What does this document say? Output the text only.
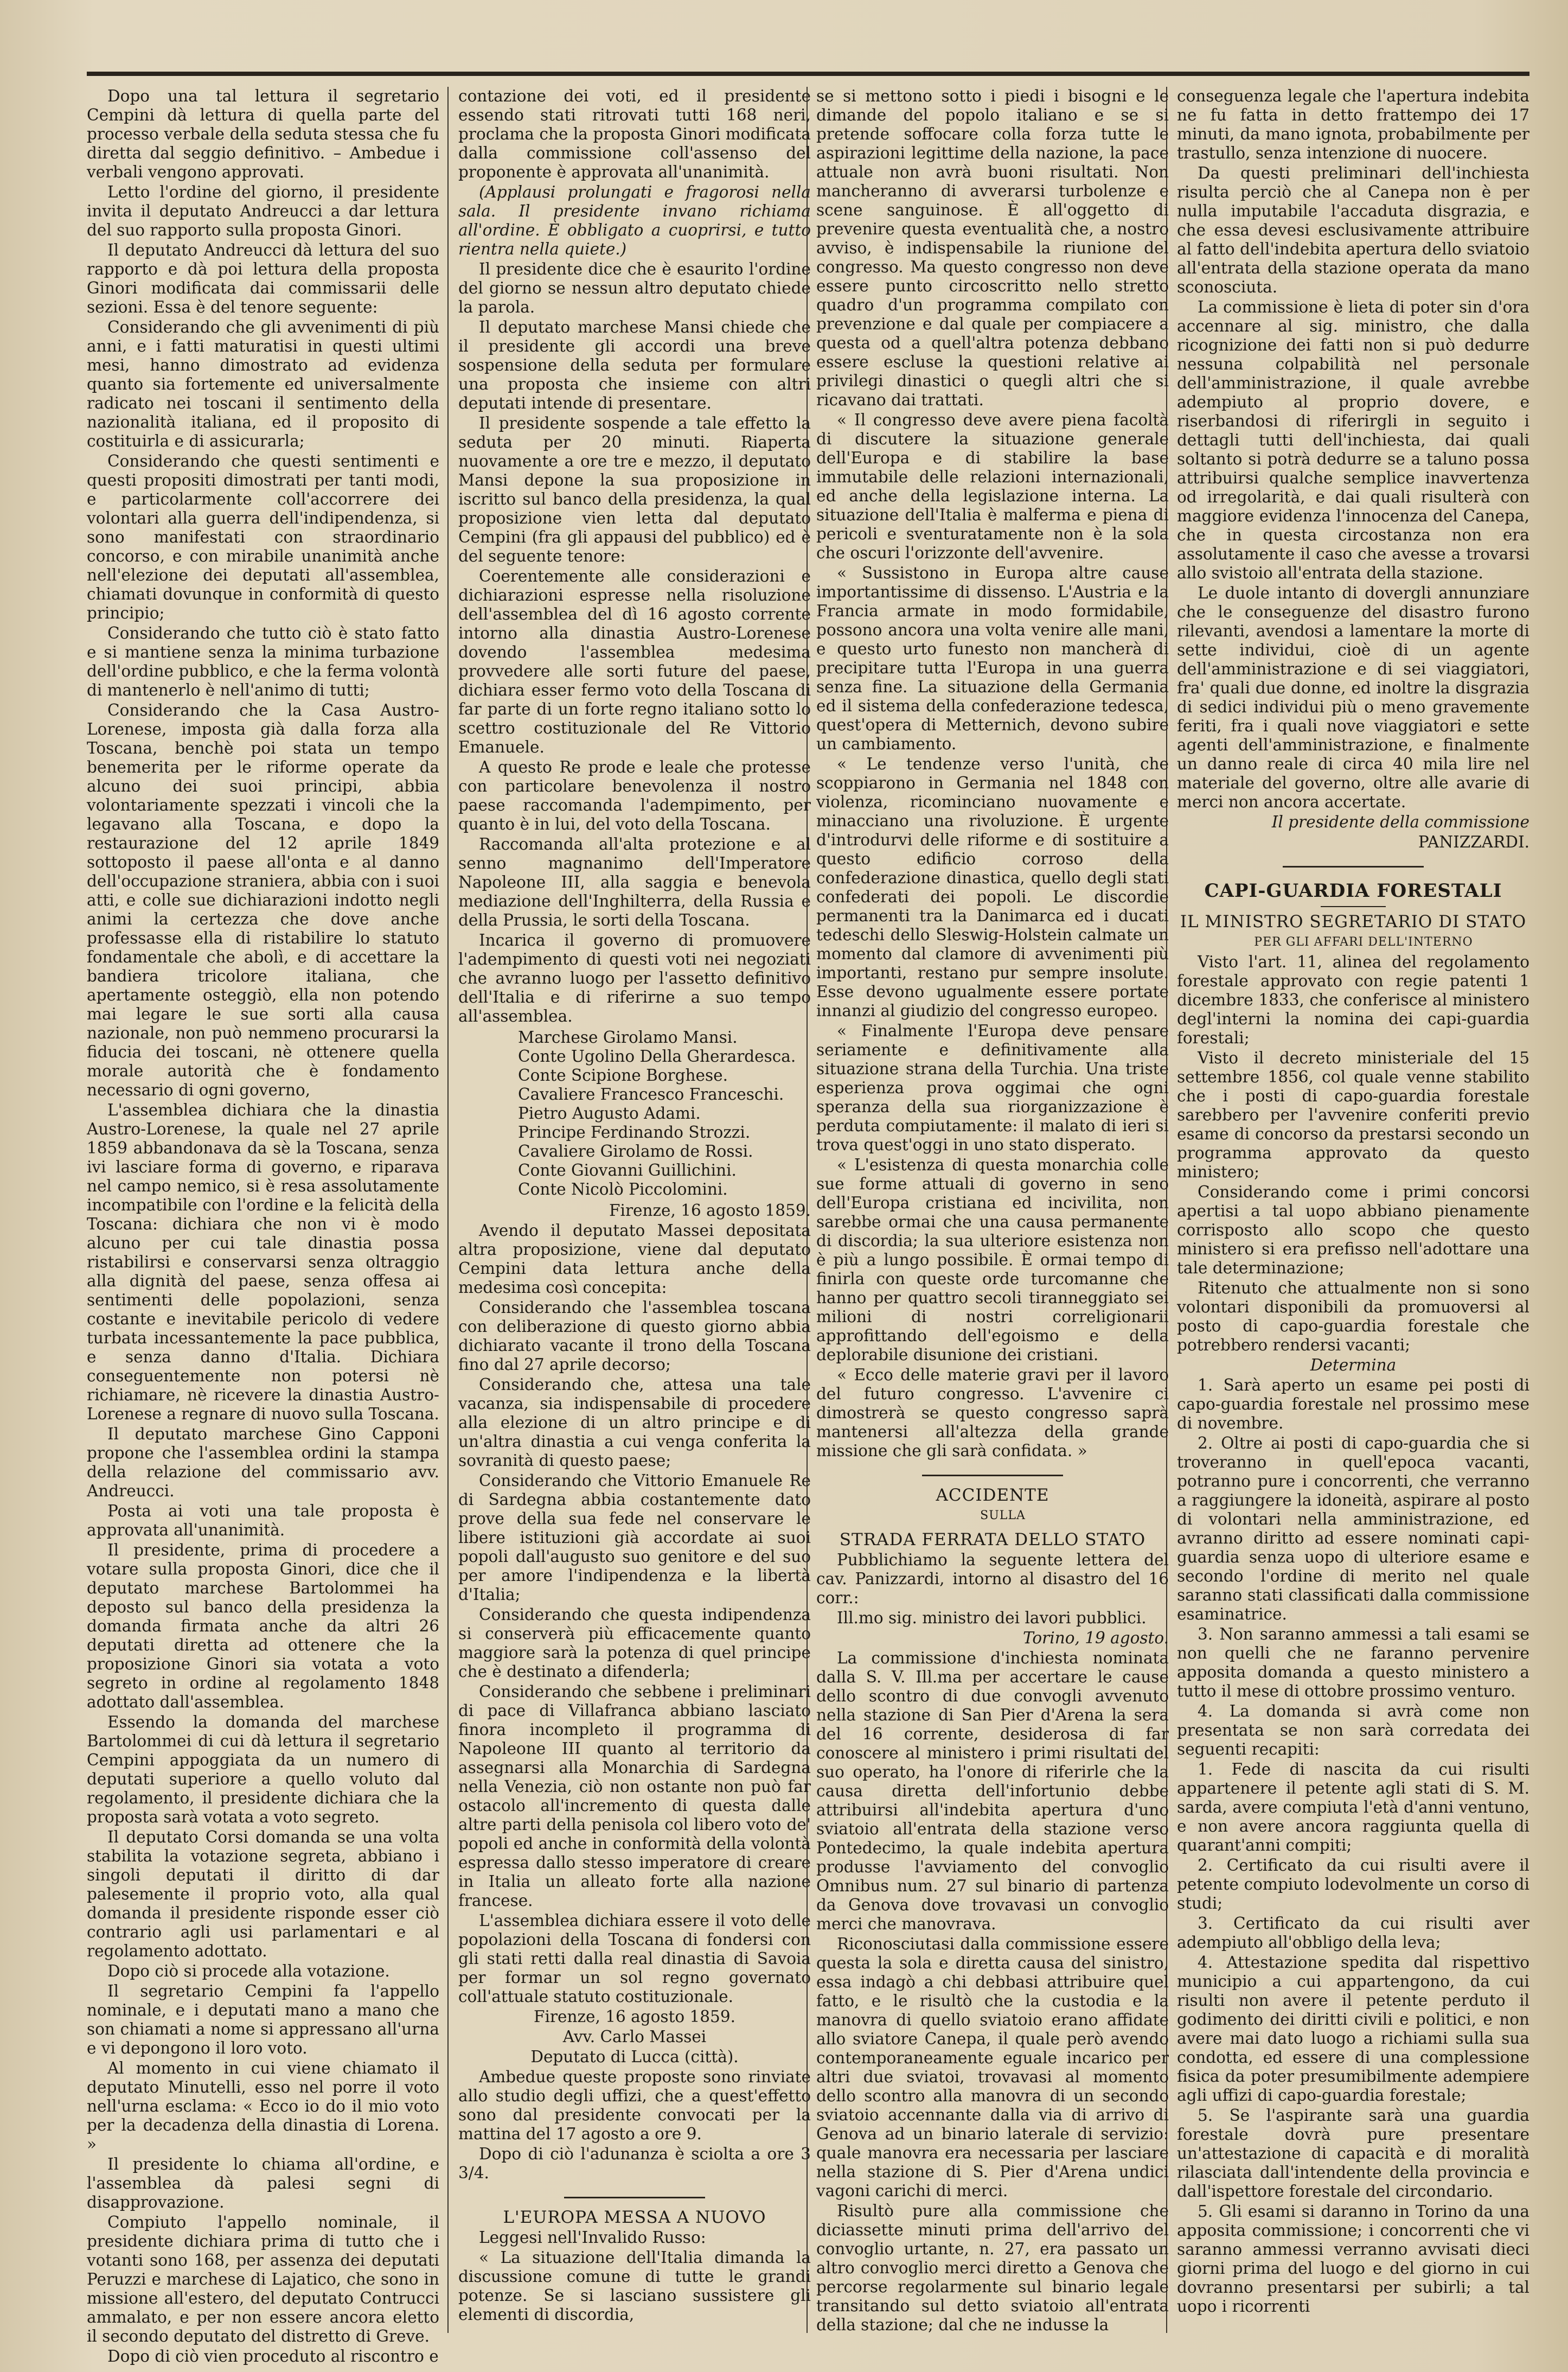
Dopo una tal lettura il segretario Cempini dà lettura di quella parte del processo verbale della seduta stessa che fu diretta dal seggio definitivo. – Ambedue i verbali vengono approvati.

Letto l'ordine del giorno, il presidente invita il deputato Andreucci a dar lettura del suo rapporto sulla proposta Ginori.

Il deputato Andreucci dà lettura del suo rapporto e dà poi lettura della proposta Ginori modificata dai commissarii delle sezioni. Essa è del tenore seguente:

Considerando che gli avvenimenti di più anni, e i fatti maturatisi in questi ultimi mesi, hanno dimostrato ad evidenza quanto sia fortemente ed universalmente radicato nei toscani il sentimento della nazionalità italiana, ed il proposito di costituirla e di assicurarla;

Considerando che questi sentimenti e questi propositi dimostrati per tanti modi, e particolarmente coll'accorrere dei volontari alla guerra dell'indipendenza, si sono manifestati con straordinario concorso, e con mirabile unanimità anche nell'elezione dei deputati all'assemblea, chiamati dovunque in conformità di questo principio;

Considerando che tutto ciò è stato fatto e si mantiene senza la minima turbazione dell'ordine pubblico, e che la ferma volontà di mantenerlo è nell'animo di tutti;

Considerando che la Casa Austro-Lorenese, imposta già dalla forza alla Toscana, benchè poi stata un tempo benemerita per le riforme operate da alcuno dei suoi principi, abbia volontariamente spezzati i vincoli che la legavano alla Toscana, e dopo la restaurazione del 12 aprile 1849 sottoposto il paese all'onta e al danno dell'occupazione straniera, abbia con i suoi atti, e colle sue dichiarazioni indotto negli animi la certezza che dove anche professasse ella di ristabilire lo statuto fondamentale che abolì, e di accettare la bandiera tricolore italiana, che apertamente osteggiò, ella non potendo mai legare le sue sorti alla causa nazionale, non può nemmeno procurarsi la fiducia dei toscani, nè ottenere quella morale autorità che è fondamento necessario di ogni governo,

L'assemblea dichiara che la dinastia Austro-Lorenese, la quale nel 27 aprile 1859 abbandonava da sè la Toscana, senza ivi lasciare forma di governo, e riparava nel campo nemico, si è resa assolutamente incompatibile con l'ordine e la felicità della Toscana: dichiara che non vi è modo alcuno per cui tale dinastia possa ristabilirsi e conservarsi senza oltraggio alla dignità del paese, senza offesa ai sentimenti delle popolazioni, senza costante e inevitabile pericolo di vedere turbata incessantemente la pace pubblica, e senza danno d'Italia. Dichiara conseguentemente non potersi nè richiamare, nè ricevere la dinastia Austro-Lorenese a regnare di nuovo sulla Toscana.

Il deputato marchese Gino Capponi propone che l'assemblea ordini la stampa della relazione del commissario avv. Andreucci.

Posta ai voti una tale proposta è approvata all'unanimità.

Il presidente, prima di procedere a votare sulla proposta Ginori, dice che il deputato marchese Bartolommei ha deposto sul banco della presidenza la domanda firmata anche da altri 26 deputati diretta ad ottenere che la proposizione Ginori sia votata a voto segreto in ordine al regolamento 1848 adottato dall'assemblea.

Essendo la domanda del marchese Bartolommei di cui dà lettura il segretario Cempini appoggiata da un numero di deputati superiore a quello voluto dal regolamento, il presidente dichiara che la proposta sarà votata a voto segreto.

Il deputato Corsi domanda se una volta stabilita la votazione segreta, abbiano i singoli deputati il diritto di dar palesemente il proprio voto, alla qual domanda il presidente risponde esser ciò contrario agli usi parlamentari e al regolamento adottato.

Dopo ciò si procede alla votazione.

Il segretario Cempini fa l'appello nominale, e i deputati mano a mano che son chiamati a nome si appressano all'urna e vi depongono il loro voto.

Al momento in cui viene chiamato il deputato Minutelli, esso nel porre il voto nell'urna esclama: « Ecco io do il mio voto per la decadenza della dinastia di Lorena. »

Il presidente lo chiama all'ordine, e l'assemblea dà palesi segni di disapprovazione.

Compiuto l'appello nominale, il presidente dichiara prima di tutto che i votanti sono 168, per assenza dei deputati Peruzzi e marchese di Lajatico, che sono in missione all'estero, del deputato Contrucci ammalato, e per non essere ancora eletto il secondo deputato del distretto di Greve.

Dopo di ciò vien proceduto al riscontro e

contazione dei voti, ed il presidente essendo stati ritrovati tutti 168 neri, proclama che la proposta Ginori modificata dalla commissione coll'assenso del proponente è approvata all'unanimità.

(Applausi prolungati e fragorosi nella sala. Il presidente invano richiama all'ordine. È obbligato a cuoprirsi, e tutto rientra nella quiete.)

Il presidente dice che è esaurito l'ordine del giorno se nessun altro deputato chiede la parola.

Il deputato marchese Mansi chiede che il presidente gli accordi una breve sospensione della seduta per formulare una proposta che insieme con altri deputati intende di presentare.

Il presidente sospende a tale effetto la seduta per 20 minuti. Riaperta nuovamente a ore tre e mezzo, il deputato Mansi depone la sua proposizione in iscritto sul banco della presidenza, la qual proposizione vien letta dal deputato Cempini (fra gli appausi del pubblico) ed è del seguente tenore:

Coerentemente alle considerazioni e dichiarazioni espresse nella risoluzione dell'assemblea del dì 16 agosto corrente intorno alla dinastia Austro-Lorenese dovendo l'assemblea medesima provvedere alle sorti future del paese, dichiara esser fermo voto della Toscana di far parte di un forte regno italiano sotto lo scettro costituzionale del Re Vittorio Emanuele.

A questo Re prode e leale che protesse con particolare benevolenza il nostro paese raccomanda l'adempimento, per quanto è in lui, del voto della Toscana.

Raccomanda all'alta protezione e al senno magnanimo dell'Imperatore Napoleone III, alla saggia e benevola mediazione dell'Inghilterra, della Russia e della Prussia, le sorti della Toscana.

Incarica il governo di promuovere l'adempimento di questi voti nei negoziati che avranno luogo per l'assetto definitivo dell'Italia e di riferirne a suo tempo all'assemblea.

Marchese Girolamo Mansi.
Conte Ugolino Della Gherardesca.
Conte Scipione Borghese.
Cavaliere Francesco Franceschi.
Pietro Augusto Adami.
Principe Ferdinando Strozzi.
Cavaliere Girolamo de Rossi.
Conte Giovanni Guillichini.
Conte Nicolò Piccolomini.

Firenze, 16 agosto 1859.

Avendo il deputato Massei depositata altra proposizione, viene dal deputato Cempini data lettura anche della medesima così concepita:

Considerando che l'assemblea toscana con deliberazione di questo giorno abbia dichiarato vacante il trono della Toscana fino dal 27 aprile decorso;

Considerando che, attesa una tale vacanza, sia indispensabile di procedere alla elezione di un altro principe e di un'altra dinastia a cui venga conferita la sovranità di questo paese;

Considerando che Vittorio Emanuele Re di Sardegna abbia costantemente dato prove della sua fede nel conservare le libere istituzioni già accordate ai suoi popoli dall'augusto suo genitore e del suo per amore l'indipendenza e la libertà d'Italia;

Considerando che questa indipendenza si conserverà più efficacemente quanto maggiore sarà la potenza di quel principe che è destinato a difenderla;

Considerando che sebbene i preliminari di pace di Villafranca abbiano lasciato finora incompleto il programma di Napoleone III quanto al territorio da assegnarsi alla Monarchia di Sardegna nella Venezia, ciò non ostante non può far ostacolo all'incremento di questa dalle altre parti della penisola col libero voto de' popoli ed anche in conformità della volontà espressa dallo stesso imperatore di creare in Italia un alleato forte alla nazione francese.

L'assemblea dichiara essere il voto delle popolazioni della Toscana di fondersi con gli stati retti dalla real dinastia di Savoia per formar un sol regno governato coll'attuale statuto costituzionale.

Firenze, 16 agosto 1859.

Avv. Carlo Massei

Deputato di Lucca (città).

Ambedue queste proposte sono rinviate allo studio degli uffizi, che a quest'effetto sono dal presidente convocati per la mattina del 17 agosto a ore 9.

Dopo di ciò l'adunanza è sciolta a ore 3 3/4.

L'EUROPA MESSA A NUOVO

Leggesi nell'Invalido Russo:

« La situazione dell'Italia dimanda la discussione comune di tutte le grandi potenze. Se si lasciano sussistere gli elementi di discordia,

se si mettono sotto i piedi i bisogni e le dimande del popolo italiano e se si pretende soffocare colla forza tutte le aspirazioni legittime della nazione, la pace attuale non avrà buoni risultati. Non mancheranno di avverarsi turbolenze e scene sanguinose. È all'oggetto di prevenire questa eventualità che, a nostro avviso, è indispensabile la riunione del congresso. Ma questo congresso non deve essere punto circoscritto nello stretto quadro d'un programma compilato con prevenzione e dal quale per compiacere a questa od a quell'altra potenza debbano essere escluse la questioni relative ai privilegi dinastici o quegli altri che si ricavano dai trattati.

« Il congresso deve avere piena facoltà di discutere la situazione generale dell'Europa e di stabilire la base immutabile delle relazioni internazionali, ed anche della legislazione interna. La situazione dell'Italia è malferma e piena di pericoli e sventuratamente non è la sola che oscuri l'orizzonte dell'avvenire.

« Sussistono in Europa altre cause importantissime di dissenso. L'Austria e la Francia armate in modo formidabile, possono ancora una volta venire alle mani, e questo urto funesto non mancherà di precipitare tutta l'Europa in una guerra senza fine. La situazione della Germania ed il sistema della confederazione tedesca, quest'opera di Metternich, devono subire un cambiamento.

« Le tendenze verso l'unità, che scoppiarono in Germania nel 1848 con violenza, ricominciano nuovamente e minacciano una rivoluzione. È urgente d'introdurvi delle riforme e di sostituire a questo edificio corroso della confederazione dinastica, quello degli stati confederati dei popoli. Le discordie permanenti tra la Danimarca ed i ducati tedeschi dello Sleswig-Holstein calmate un momento dal clamore di avvenimenti più importanti, restano pur sempre insolute. Esse devono ugualmente essere portate innanzi al giudizio del congresso europeo.

« Finalmente l'Europa deve pensare seriamente e definitivamente alla situazione strana della Turchia. Una triste esperienza prova oggimai che ogni speranza della sua riorganizzazione è perduta compiutamente: il malato di ieri si trova quest'oggi in uno stato disperato.

« L'esistenza di questa monarchia colle sue forme attuali di governo in seno dell'Europa cristiana ed incivilita, non sarebbe ormai che una causa permanente di discordia; la sua ulteriore esistenza non è più a lungo possibile. È ormai tempo di finirla con queste orde turcomanne che hanno per quattro secoli tiranneggiato sei milioni di nostri correligionarii approfittando dell'egoismo e della deplorabile disunione dei cristiani.

« Ecco delle materie gravi per il lavoro del futuro congresso. L'avvenire ci dimostrerà se questo congresso saprà mantenersi all'altezza della grande missione che gli sarà confidata. »

ACCIDENTE

SULLA

STRADA FERRATA DELLO STATO

Pubblichiamo la seguente lettera del cav. Panizzardi, intorno al disastro del 16 corr.:

Ill.mo sig. ministro dei lavori pubblici.

Torino, 19 agosto.

La commissione d'inchiesta nominata dalla S. V. Ill.ma per accertare le cause dello scontro di due convogli avvenuto nella stazione di San Pier d'Arena la sera del 16 corrente, desiderosa di far conoscere al ministero i primi risultati del suo operato, ha l'onore di riferirle che la causa diretta dell'infortunio debbe attribuirsi all'indebita apertura d'uno sviatoio all'entrata della stazione verso Pontedecimo, la quale indebita apertura produsse l'avviamento del convoglio Omnibus num. 27 sul binario di partenza da Genova dove trovavasi un convoglio merci che manovrava.

Riconosciutasi dalla commissione essere questa la sola e diretta causa del sinistro, essa indagò a chi debbasi attribuire quel fatto, e le risultò che la custodia e la manovra di quello sviatoio erano affidate allo sviatore Canepa, il quale però avendo contemporaneamente eguale incarico per altri due sviatoi, trovavasi al momento dello scontro alla manovra di un secondo sviatoio accennante dalla via di arrivo di Genova ad un binario laterale di servizio: quale manovra era necessaria per lasciare nella stazione di S. Pier d'Arena undici vagoni carichi di merci.

Risultò pure alla commissione che diciassette minuti prima dell'arrivo del convoglio urtante, n. 27, era passato un altro convoglio merci diretto a Genova che percorse regolarmente sul binario legale transitando sul detto sviatoio all'entrata della stazione; dal che ne indusse la

conseguenza legale che l'apertura indebita ne fu fatta in detto frattempo dei 17 minuti, da mano ignota, probabilmente per trastullo, senza intenzione di nuocere.

Da questi preliminari dell'inchiesta risulta perciò che al Canepa non è per nulla imputabile l'accaduta disgrazia, e che essa devesi esclusivamente attribuire al fatto dell'indebita apertura dello sviatoio all'entrata della stazione operata da mano sconosciuta.

La commissione è lieta di poter sin d'ora accennare al sig. ministro, che dalla ricognizione dei fatti non si può dedurre nessuna colpabilità nel personale dell'amministrazione, il quale avrebbe adempiuto al proprio dovere, e riserbandosi di riferirgli in seguito i dettagli tutti dell'inchiesta, dai quali soltanto si potrà dedurre se a taluno possa attribuirsi qualche semplice inavvertenza od irregolarità, e dai quali risulterà con maggiore evidenza l'innocenza del Canepa, che in questa circostanza non era assolutamente il caso che avesse a trovarsi allo svistoio all'entrata della stazione.

Le duole intanto di dovergli annunziare che le conseguenze del disastro furono rilevanti, avendosi a lamentare la morte di sette individui, cioè di un agente dell'amministrazione e di sei viaggiatori, fra' quali due donne, ed inoltre la disgrazia di sedici individui più o meno gravemente feriti, fra i quali nove viaggiatori e sette agenti dell'amministrazione, e finalmente un danno reale di circa 40 mila lire nel materiale del governo, oltre alle avarie di merci non ancora accertate.

Il presidente della commissione

PANIZZARDI.

CAPI-GUARDIA FORESTALI
IL MINISTRO SEGRETARIO DI STATO

PER GLI AFFARI DELL'INTERNO

Visto l'art. 11, alinea del regolamento forestale approvato con regie patenti 1 dicembre 1833, che conferisce al ministero degl'interni la nomina dei capi-guardia forestali;

Visto il decreto ministeriale del 15 settembre 1856, col quale venne stabilito che i posti di capo-guardia forestale sarebbero per l'avvenire conferiti previo esame di concorso da prestarsi secondo un programma approvato da questo ministero;

Considerando come i primi concorsi apertisi a tal uopo abbiano pienamente corrisposto allo scopo che questo ministero si era prefisso nell'adottare una tale determinazione;

Ritenuto che attualmente non si sono volontari disponibili da promuoversi al posto di capo-guardia forestale che potrebbero rendersi vacanti;

Determina

1. Sarà aperto un esame pei posti di capo-guardia forestale nel prossimo mese di novembre.

2. Oltre ai posti di capo-guardia che si troveranno in quell'epoca vacanti, potranno pure i concorrenti, che verranno a raggiungere la idoneità, aspirare al posto di volontari nella amministrazione, ed avranno diritto ad essere nominati capi-guardia senza uopo di ulteriore esame e secondo l'ordine di merito nel quale saranno stati classificati dalla commissione esaminatrice.

3. Non saranno ammessi a tali esami se non quelli che ne faranno pervenire apposita domanda a questo ministero a tutto il mese di ottobre prossimo venturo.

4. La domanda si avrà come non presentata se non sarà corredata dei seguenti recapiti:

1. Fede di nascita da cui risulti appartenere il petente agli stati di S. M. sarda, avere compiuta l'età d'anni ventuno, e non avere ancora raggiunta quella di quarant'anni compiti;

2. Certificato da cui risulti avere il petente compiuto lodevolmente un corso di studi;

3. Certificato da cui risulti aver adempiuto all'obbligo della leva;

4. Attestazione spedita dal rispettivo municipio a cui appartengono, da cui risulti non avere il petente perduto il godimento dei diritti civili e politici, e non avere mai dato luogo a richiami sulla sua condotta, ed essere di una complessione fisica da poter presumibilmente adempiere agli uffizi di capo-guardia forestale;

5. Se l'aspirante sarà una guardia forestale dovrà pure presentare un'attestazione di capacità e di moralità rilasciata dall'intendente della provincia e dall'ispettore forestale del circondario.

5. Gli esami si daranno in Torino da una apposita commissione; i concorrenti che vi saranno ammessi verranno avvisati dieci giorni prima del luogo e del giorno in cui dovranno presentarsi per subirli; a tal uopo i ricorrenti
